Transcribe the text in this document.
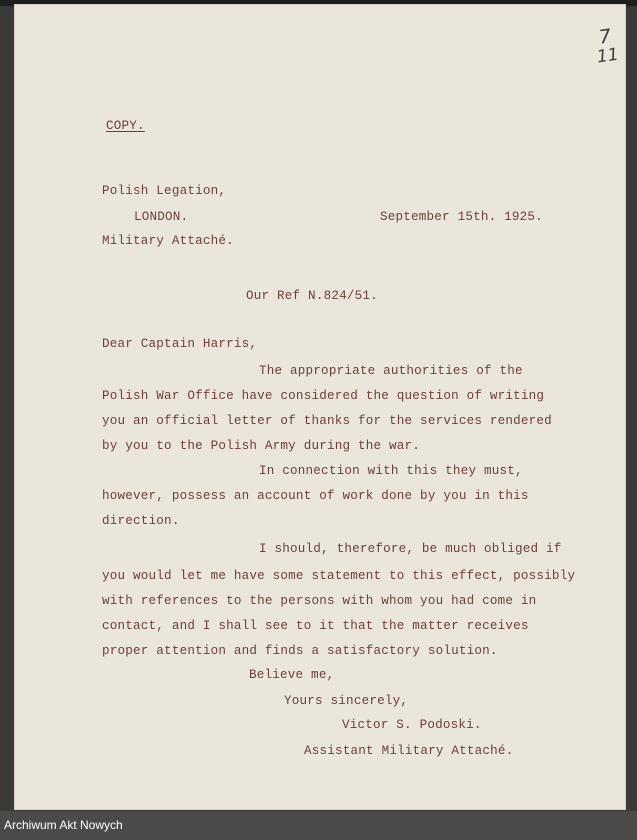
7
11
COPY.
Polish Legation,
LONDON.	September 15th. 1925.
Military Attaché.
Our Ref N.824/51.
Dear Captain Harris,
The appropriate authorities of the
Polish War Office have considered the question of writing
you an official letter of thanks for the services rendered
by you to the Polish Army during the war.
In connection with this they must,
however, possess an account of work done by you in this
direction.
I should, therefore, be much obliged if
you would let me have some statement to this effect, possibly
with references to the persons with whom you had come in
contact, and I shall see to it that the matter receives
proper attention and finds a satisfactory solution.
Believe me,
Yours sincerely,
Victor S. Podoski.
Assistant Military Attaché.
Archiwum Akt Nowych
